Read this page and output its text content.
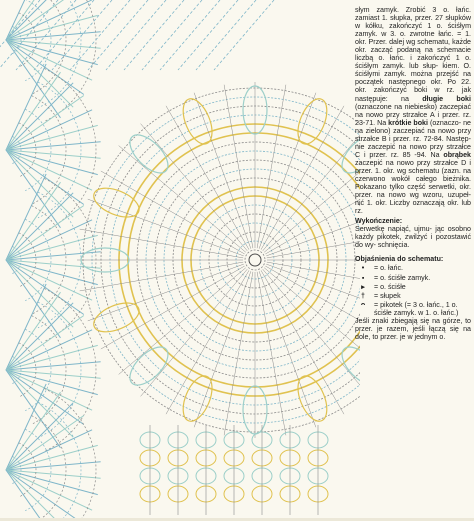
słym zamyk. Zrobić 3 o. łańc. zamiast 1. słupka, przer. 27 słupków w kółku, zakończyć 1 o. ściśłym zamyk. w 3. o. zwrotne łańc. = 1. okr. Przer. dalej wg schematu, każde okr. zacząć podaną na schemacie liczbą o. łańc. i zakończyć 1 o. ściśłym zamyk. lub słup- kiem. O. ściśłymi zamyk. można przejść na początek następnego okr. Po 22. okr. zakończyć boki w rz. jak następuje: na długie boki (oznaczone na niebiesko) zaczepiać na nowo przy strzałce A i przer. rz. 23-71. Na krótkie boki (oznaczo- ne na zielono) zaczepiać na nowo przy strzałce B i przer. rz. 72-84. Następ- nie zaczepić na nowo przy strzałce C i przer. rz. 85 -94. Na obrąbek zaczepić na nowo przy strzałce D i przer. 1. okr. wg schematu (zazn. na czerwono wokół całego bieżnika. Pokazano tylko część serwetki, okr. przer. na nowo wg wzoru, uzupeł- nić 1. okr. Liczby oznaczają okr. lub rz.

Wykończenie:

Serwetkę napiąć, ujmu- jąc osobno każdy pikotek, zwilżyć i pozostawić do wy- schnięcia.

Objaśnienia do schematu:
•	= o. łańc.
▪	= o. ściśłe zamyk.
▸	= o. ściśłe
†	= słupek
ᴖ	= pikotek (= 3 o. łańc., 1 o. ściśłe zamyk. w 1. o. łańc.)

Jeśli znaki zbiegają się na górze, to przer. je razem, jeśli łączą się na dole, to przer. je w jednym o.
